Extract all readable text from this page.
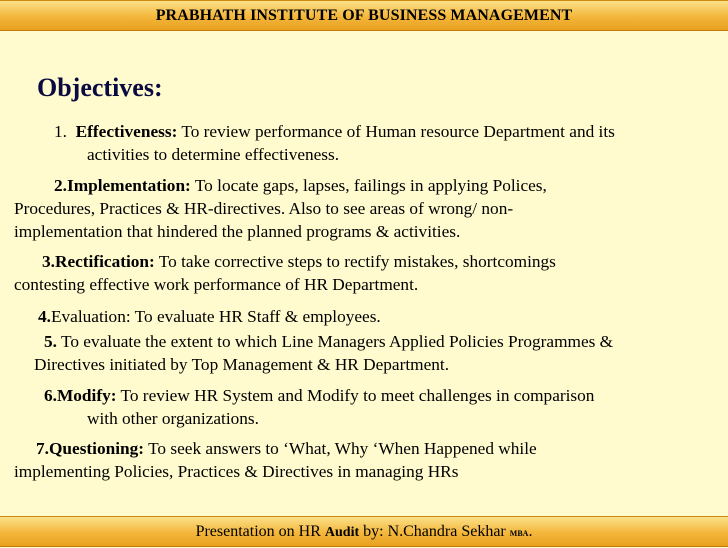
PRABHATH INSTITUTE OF BUSINESS MANAGEMENT
Objectives:
1. Effectiveness: To review performance of Human resource Department and its
activities to determine effectiveness.
2.Implementation: To locate gaps, lapses, failings in applying Polices,
Procedures, Practices & HR-directives. Also to see areas of wrong/ non-
implementation that hindered the planned programs & activities.
3.Rectification: To take corrective steps to rectify mistakes, shortcomings
contesting effective work performance of HR Department.
4.Evaluation: To evaluate HR Staff & employees.
5. To evaluate the extent to which Line Managers Applied Policies Programmes &
Directives initiated by Top Management & HR Department.
6.Modify: To review HR System and Modify to meet challenges in comparison
with other organizations.
7.Questioning: To seek answers to ‘What, Why ‘When Happened while
implementing Policies, Practices & Directives in managing HRs
Presentation on HR Audit by: N.Chandra Sekhar MBA.
